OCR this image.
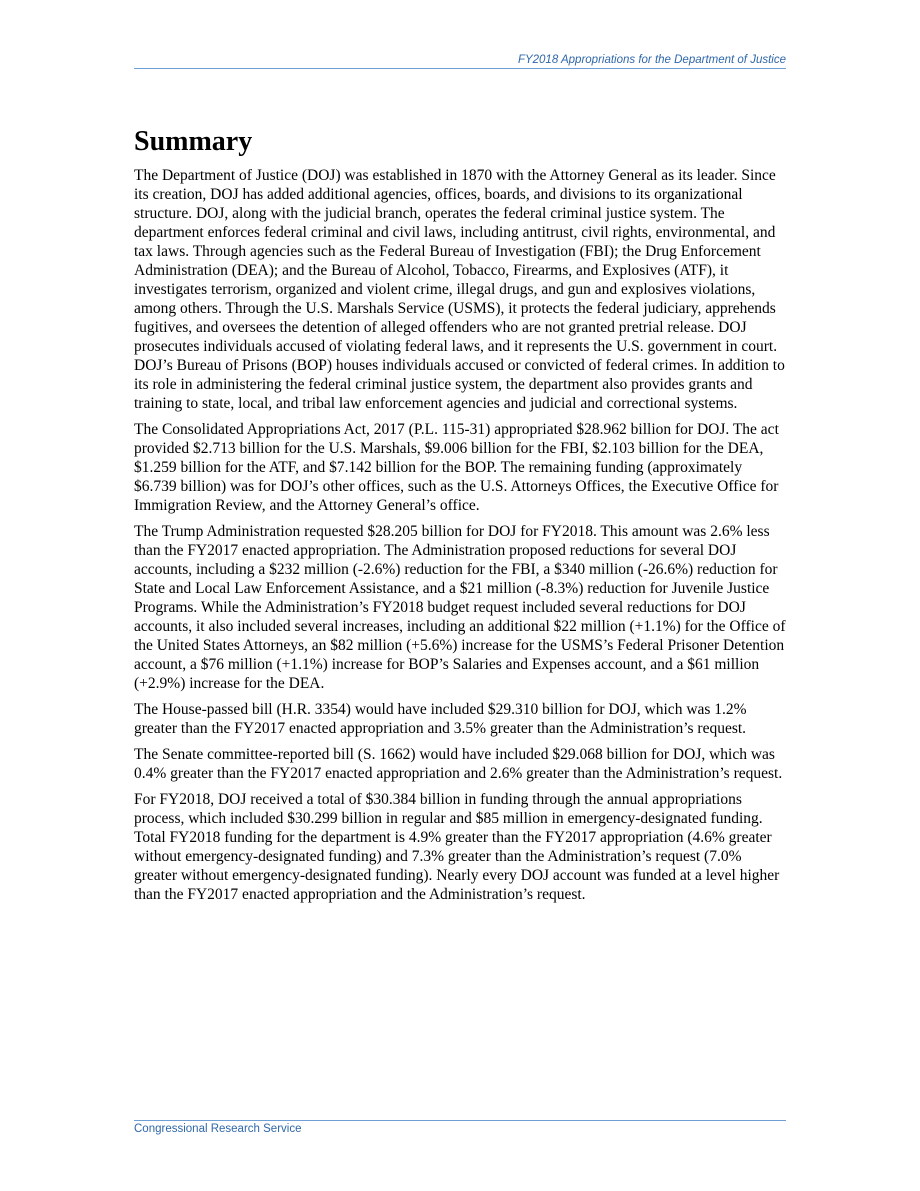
FY2018 Appropriations for the Department of Justice
Summary

The Department of Justice (DOJ) was established in 1870 with the Attorney General as its leader. Since its creation, DOJ has added additional agencies, offices, boards, and divisions to its organizational structure. DOJ, along with the judicial branch, operates the federal criminal justice system. The department enforces federal criminal and civil laws, including antitrust, civil rights, environmental, and tax laws. Through agencies such as the Federal Bureau of Investigation (FBI); the Drug Enforcement Administration (DEA); and the Bureau of Alcohol, Tobacco, Firearms, and Explosives (ATF), it investigates terrorism, organized and violent crime, illegal drugs, and gun and explosives violations, among others. Through the U.S. Marshals Service (USMS), it protects the federal judiciary, apprehends fugitives, and oversees the detention of alleged offenders who are not granted pretrial release. DOJ prosecutes individuals accused of violating federal laws, and it represents the U.S. government in court. DOJ’s Bureau of Prisons (BOP) houses individuals accused or convicted of federal crimes. In addition to its role in administering the federal criminal justice system, the department also provides grants and training to state, local, and tribal law enforcement agencies and judicial and correctional systems.

The Consolidated Appropriations Act, 2017 (P.L. 115-31) appropriated $28.962 billion for DOJ. The act provided $2.713 billion for the U.S. Marshals, $9.006 billion for the FBI, $2.103 billion for the DEA, $1.259 billion for the ATF, and $7.142 billion for the BOP. The remaining funding (approximately $6.739 billion) was for DOJ’s other offices, such as the U.S. Attorneys Offices, the Executive Office for Immigration Review, and the Attorney General’s office.

The Trump Administration requested $28.205 billion for DOJ for FY2018. This amount was 2.6% less than the FY2017 enacted appropriation. The Administration proposed reductions for several DOJ accounts, including a $232 million (-2.6%) reduction for the FBI, a $340 million (-26.6%) reduction for State and Local Law Enforcement Assistance, and a $21 million (-8.3%) reduction for Juvenile Justice Programs. While the Administration’s FY2018 budget request included several reductions for DOJ accounts, it also included several increases, including an additional $22 million (+1.1%) for the Office of the United States Attorneys, an $82 million (+5.6%) increase for the USMS’s Federal Prisoner Detention account, a $76 million (+1.1%) increase for BOP’s Salaries and Expenses account, and a $61 million (+2.9%) increase for the DEA.

The House-passed bill (H.R. 3354) would have included $29.310 billion for DOJ, which was 1.2% greater than the FY2017 enacted appropriation and 3.5% greater than the Administration’s request.

The Senate committee-reported bill (S. 1662) would have included $29.068 billion for DOJ, which was 0.4% greater than the FY2017 enacted appropriation and 2.6% greater than the Administration’s request.

For FY2018, DOJ received a total of $30.384 billion in funding through the annual appropriations process, which included $30.299 billion in regular and $85 million in emergency-designated funding. Total FY2018 funding for the department is 4.9% greater than the FY2017 appropriation (4.6% greater without emergency-designated funding) and 7.3% greater than the Administration’s request (7.0% greater without emergency-designated funding). Nearly every DOJ account was funded at a level higher than the FY2017 enacted appropriation and the Administration’s request.

Congressional Research Service
